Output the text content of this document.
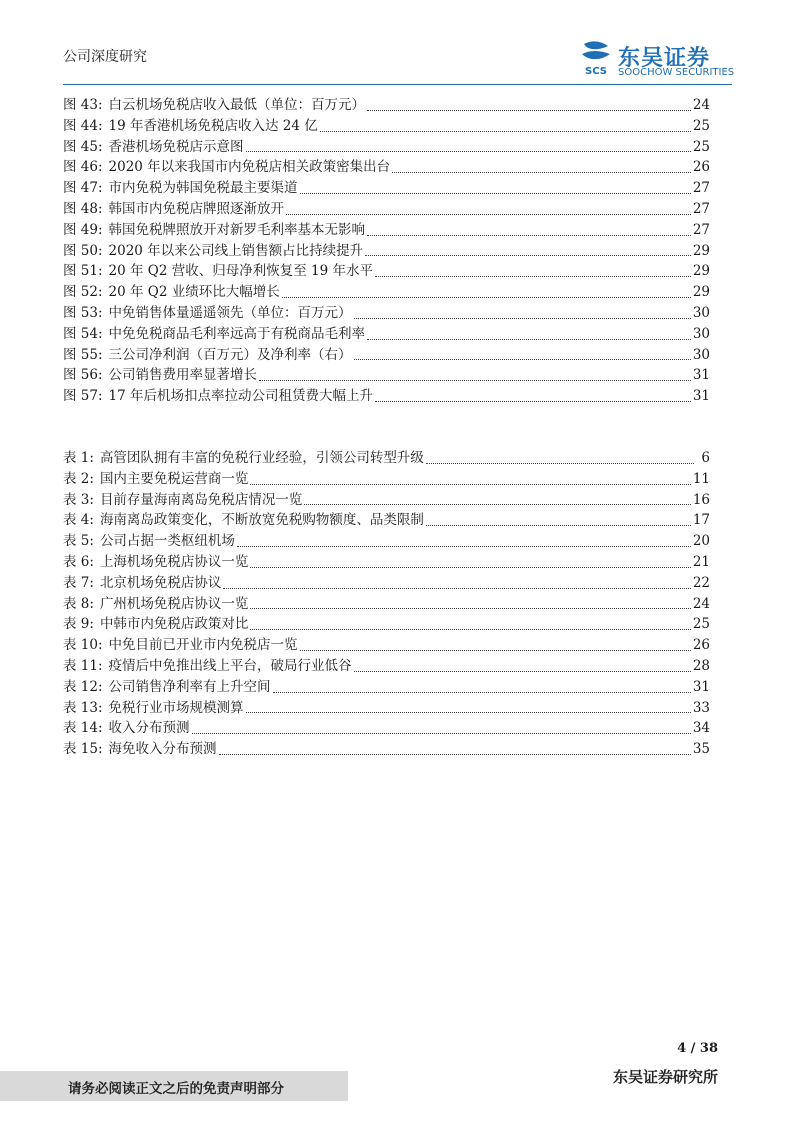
公司深度研究
SCS
东吴证券
SOOCHOW SECURITIES
图 43: 白云机场免税店收入最低（单位：百万元）	24
图 44: 19 年香港机场免税店收入达 24 亿	25
图 45: 香港机场免税店示意图	25
图 46: 2020 年以来我国市内免税店相关政策密集出台	26
图 47: 市内免税为韩国免税最主要渠道	27
图 48: 韩国市内免税店牌照逐渐放开	27
图 49: 韩国免税牌照放开对新罗毛利率基本无影响	27
图 50: 2020 年以来公司线上销售额占比持续提升	29
图 51: 20 年 Q2 营收、归母净利恢复至 19 年水平	29
图 52: 20 年 Q2 业绩环比大幅增长	29
图 53: 中免销售体量遥遥领先（单位：百万元）	30
图 54: 中免免税商品毛利率远高于有税商品毛利率	30
图 55: 三公司净利润（百万元）及净利率（右）	30
图 56: 公司销售费用率显著增长	31
图 57: 17 年后机场扣点率拉动公司租赁费大幅上升	31
表 1: 高管团队拥有丰富的免税行业经验，引领公司转型升级	6
表 2: 国内主要免税运营商一览	11
表 3: 目前存量海南离岛免税店情况一览	16
表 4: 海南离岛政策变化，不断放宽免税购物额度、品类限制	17
表 5: 公司占据一类枢纽机场	20
表 6: 上海机场免税店协议一览	21
表 7: 北京机场免税店协议	22
表 8: 广州机场免税店协议一览	24
表 9: 中韩市内免税店政策对比	25
表 10: 中免目前已开业市内免税店一览	26
表 11: 疫情后中免推出线上平台，破局行业低谷	28
表 12: 公司销售净利率有上升空间	31
表 13: 免税行业市场规模测算	33
表 14: 收入分布预测	34
表 15: 海免收入分布预测	35
4 / 38
请务必阅读正文之后的免责声明部分
东吴证券研究所
